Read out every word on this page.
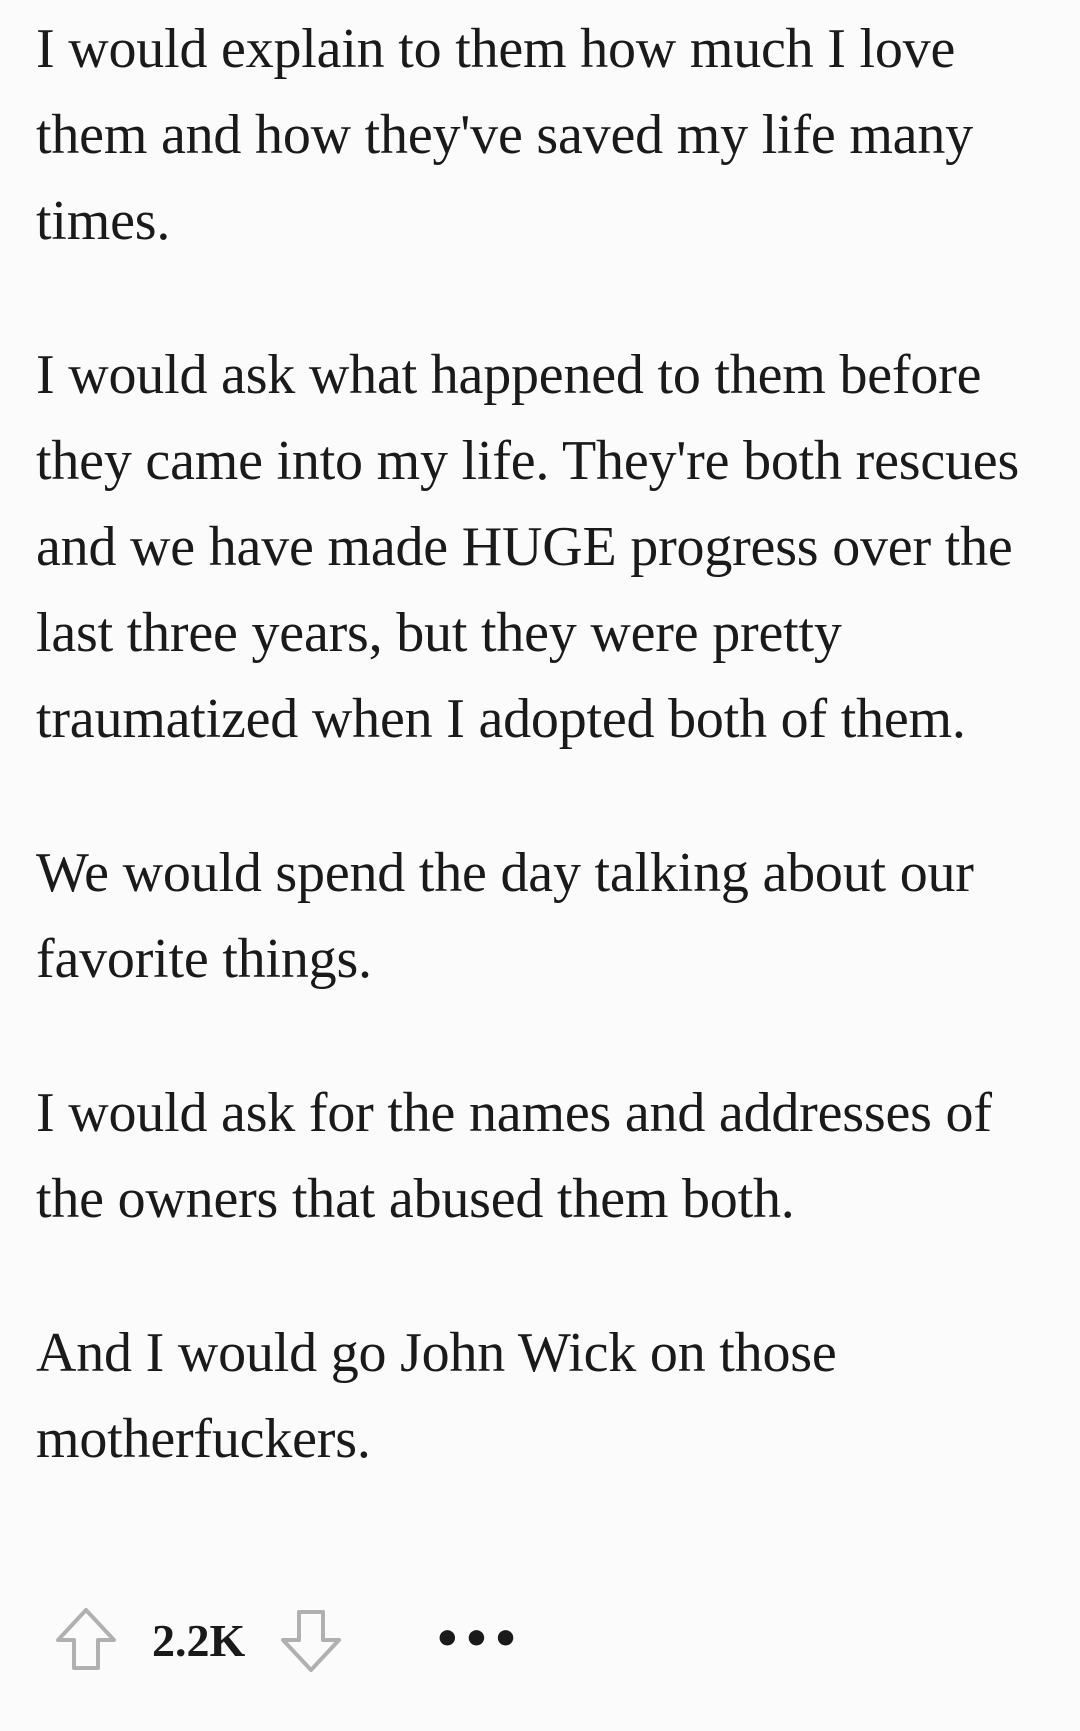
I would explain to them how much I love them and how they've saved my life many times.

I would ask what happened to them before they came into my life. They're both rescues and we have made HUGE progress over the last three years, but they were pretty traumatized when I adopted both of them.

We would spend the day talking about our favorite things.

I would ask for the names and addresses of the owners that abused them both.

And I would go John Wick on those motherfuckers.

2.2K	•••
